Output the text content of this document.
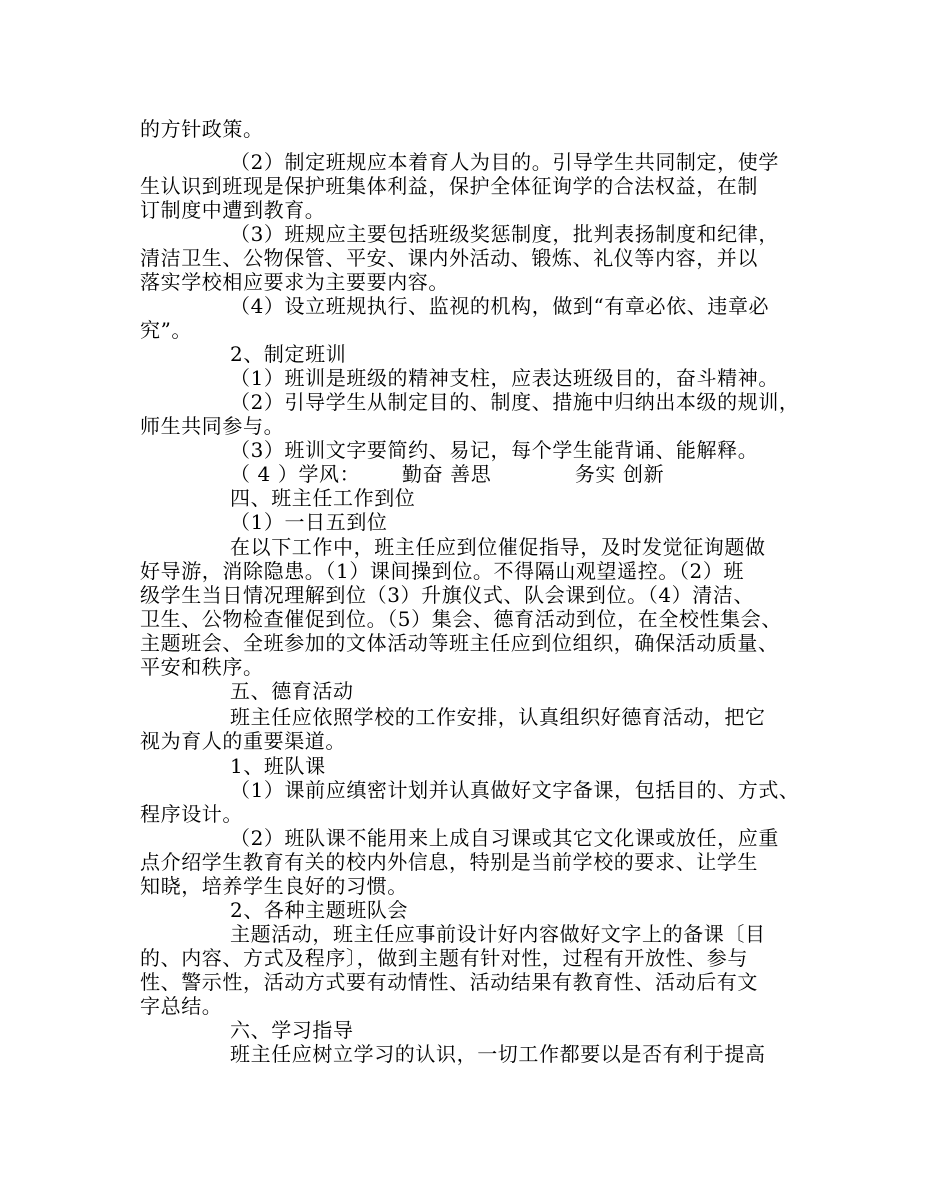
的方针政策。
（2）制定班规应本着育人为目的。引导学生共同制定，使学
生认识到班现是保护班集体利益，保护全体征询学的合法权益，在制
订制度中遭到教育。
（3）班规应主要包括班级奖惩制度，批判表扬制度和纪律，
清洁卫生、公物保管、平安、课内外活动、锻炼、礼仪等内容，并以
落实学校相应要求为主要要内容。
（4）设立班规执行、监视的机构，做到“有章必依、违章必
究”。
2、制定班训
（1）班训是班级的精神支柱，应表达班级目的，奋斗精神。
（2）引导学生从制定目的、制度、措施中归纳出本级的规训，
师生共同参与。
（3）班训文字要简约、易记，每个学生能背诵、能解释。
（ 4 ）学风：      勤奋 善思            务实 创新
四、班主任工作到位
（1）一日五到位
在以下工作中，班主任应到位催促指导，及时发觉征询题做
好导游，消除隐患。（1）课间操到位。不得隔山观望遥控。（2）班
级学生当日情况理解到位（3）升旗仪式、队会课到位。（4）清洁、
卫生、公物检查催促到位。（5）集会、德育活动到位，在全校性集会、
主题班会、全班参加的文体活动等班主任应到位组织，确保活动质量、
平安和秩序。
五、德育活动
班主任应依照学校的工作安排，认真组织好德育活动，把它
视为育人的重要渠道。
1、班队课
（1）课前应缜密计划并认真做好文字备课，包括目的、方式、
程序设计。
（2）班队课不能用来上成自习课或其它文化课或放任，应重
点介绍学生教育有关的校内外信息，特别是当前学校的要求、让学生
知晓，培养学生良好的习惯。
2、各种主题班队会
主题活动，班主任应事前设计好内容做好文字上的备课〔目
的、内容、方式及程序〕，做到主题有针对性，过程有开放性、参与
性、警示性，活动方式要有动情性、活动结果有教育性、活动后有文
字总结。
六、学习指导
班主任应树立学习的认识，一切工作都要以是否有利于提高
